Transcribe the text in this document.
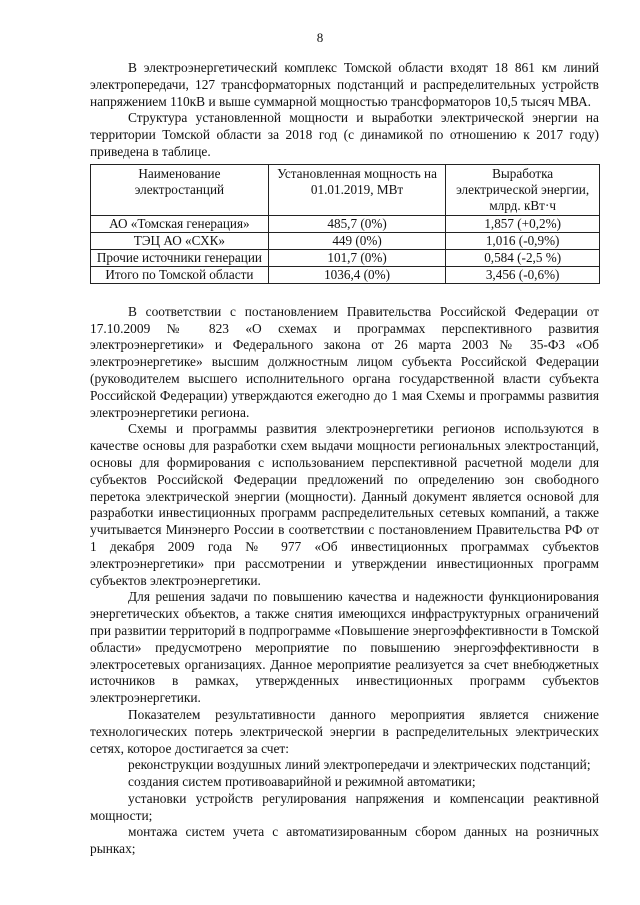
8

В электроэнергетический комплекс Томской области входят 18 861 км линий электропередачи, 127 трансформаторных подстанций и распределительных устройств напряжением 110кВ и выше суммарной мощностью трансформаторов 10,5 тысяч МВА.

Структура установленной мощности и выработки электрической энергии на территории Томской области за 2018 год (с динамикой по отношению к 2017 году) приведена в таблице.

Наименование электростанций	Установленная мощность на 01.01.2019, МВт	Выработка электрической энергии, млрд. кВт·ч
АО «Томская генерация»	485,7 (0%)	1,857 (+0,2%)
ТЭЦ АО «СХК»	449 (0%)	1,016 (-0,9%)
Прочие источники генерации	101,7 (0%)	0,584 (-2,5 %)
Итого по Томской области	1036,4 (0%)	3,456 (-0,6%)

В соответствии с постановлением Правительства Российской Федерации от 17.10.2009 № 823 «О схемах и программах перспективного развития электроэнергетики» и Федерального закона от 26 марта 2003 № 35-ФЗ «Об электроэнергетике» высшим должностным лицом субъекта Российской Федерации (руководителем высшего исполнительного органа государственной власти субъекта Российской Федерации) утверждаются ежегодно до 1 мая Схемы и программы развития электроэнергетики региона.

Схемы и программы развития электроэнергетики регионов используются в качестве основы для разработки схем выдачи мощности региональных электростанций, основы для формирования с использованием перспективной расчетной модели для субъектов Российской Федерации предложений по определению зон свободного перетока электрической энергии (мощности). Данный документ является основой для разработки инвестиционных программ распределительных сетевых компаний, а также учитывается Минэнерго России в соответствии с постановлением Правительства РФ от 1 декабря 2009 года № 977 «Об инвестиционных программах субъектов электроэнергетики» при рассмотрении и утверждении инвестиционных программ субъектов электроэнергетики.

Для решения задачи по повышению качества и надежности функционирования энергетических объектов, а также снятия имеющихся инфраструктурных ограничений при развитии территорий в подпрограмме «Повышение энергоэффективности в Томской области» предусмотрено мероприятие по повышению энергоэффективности в электросетевых организациях. Данное мероприятие реализуется за счет внебюджетных источников в рамках, утвержденных инвестиционных программ субъектов электроэнергетики.

Показателем результативности данного мероприятия является снижение технологических потерь электрической энергии в распределительных электрических сетях, которое достигается за счет:

реконструкции воздушных линий электропередачи и электрических подстанций;

создания систем противоаварийной и режимной автоматики;

установки устройств регулирования напряжения и компенсации реактивной мощности;

монтажа систем учета с автоматизированным сбором данных на розничных рынках;
